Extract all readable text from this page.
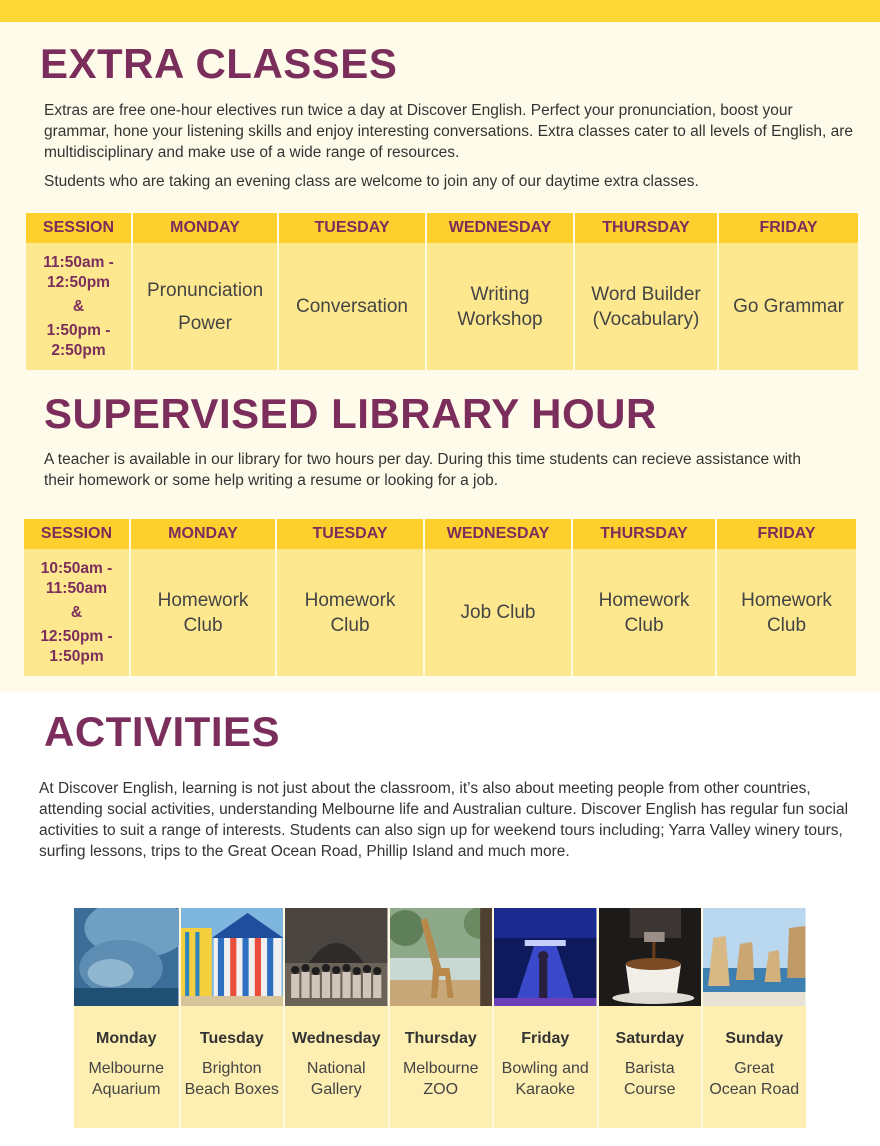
EXTRA CLASSES

Extras are free one-hour electives run twice a day at Discover English. Perfect your pronunciation, boost your grammar, hone your listening skills and enjoy interesting conversations. Extra classes cater to all levels of English, are multidisciplinary and make use of a wide range of resources.

Students who are taking an evening class are welcome to join any of our daytime extra classes.

SESSION	MONDAY	TUESDAY	WEDNESDAY	THURSDAY	FRIDAY

11:50am - 12:50pm
&
1:50pm - 2:50pm	Pronunciation Power	Conversation	Writing Workshop	Word Builder (Vocabulary)	Go Grammar
SUPERVISED LIBRARY HOUR

A teacher is available in our library for two hours per day. During this time students can recieve assistance with their homework or some help writing a resume or looking for a job.

SESSION	MONDAY	TUESDAY	WEDNESDAY	THURSDAY	FRIDAY

10:50am - 11:50am
&
12:50pm - 1:50pm	Homework Club	Homework Club	Job Club	Homework Club	Homework Club
ACTIVITIES

At Discover English, learning is not just about the classroom, it’s also about meeting people from other countries, attending social activities, understanding Melbourne life and Australian culture. Discover English has regular fun social activities to suit a range of interests. Students can also sign up for weekend tours including; Yarra Valley winery tours, surfing lessons, trips to the Great Ocean Road, Phillip Island and much more.

Monday
Melbourne
Aquarium
Tuesday
Brighton
Beach Boxes
Wednesday
National
Gallery
Thursday
Melbourne
ZOO
Friday
Bowling and
Karaoke
Saturday
Barista
Course
Sunday
Great
Ocean Road
